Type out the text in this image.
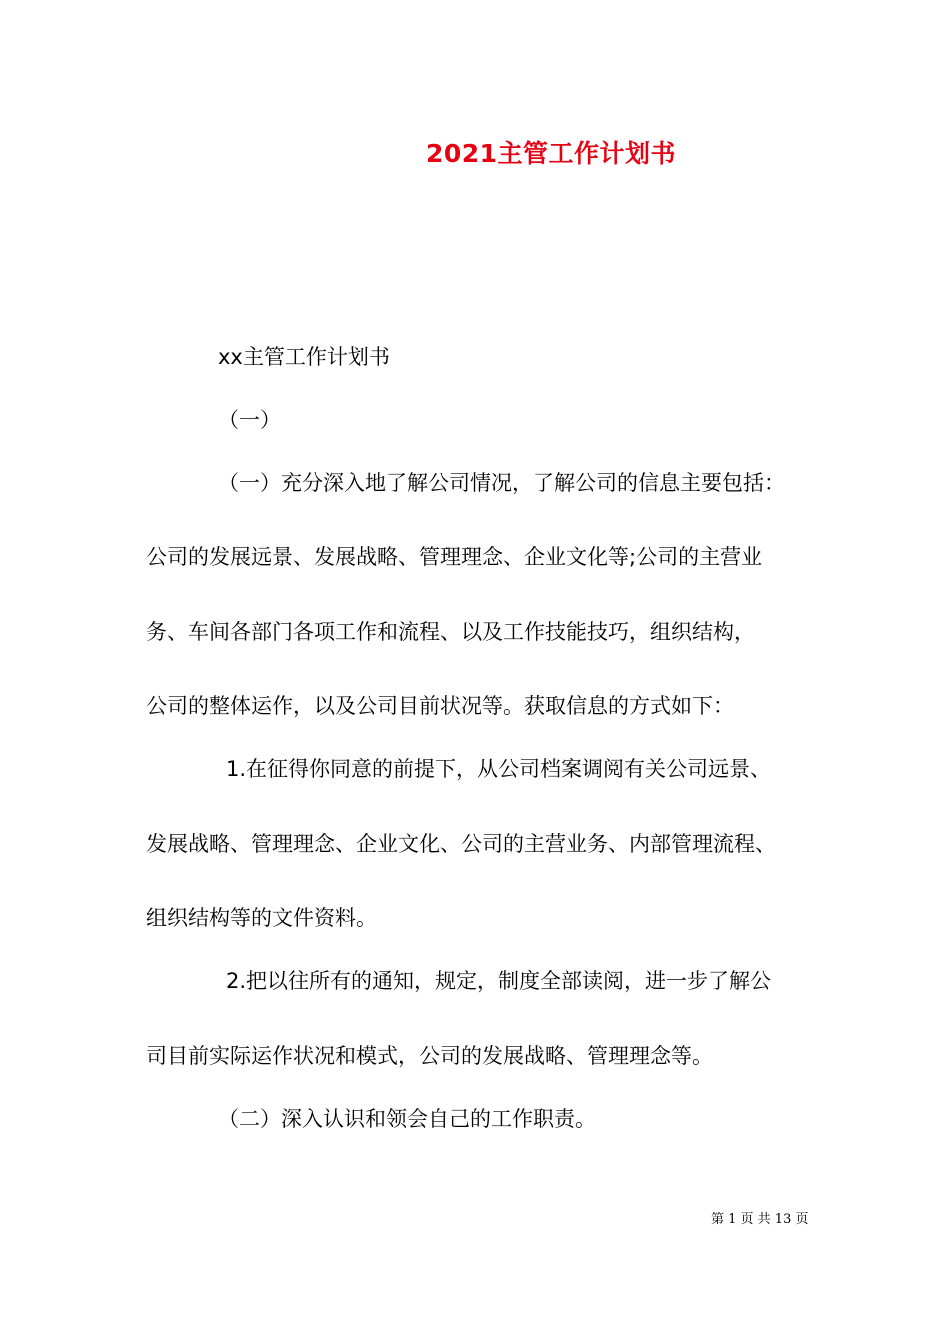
2021主管工作计划书
xx主管工作计划书
（一）
（一）充分深入地了解公司情况，了解公司的信息主要包括：
公司的发展远景、发展战略、管理理念、企业文化等;公司的主营业
务、车间各部门各项工作和流程、以及工作技能技巧，组织结构，
公司的整体运作，以及公司目前状况等。获取信息的方式如下：
1.在征得你同意的前提下，从公司档案调阅有关公司远景、
发展战略、管理理念、企业文化、公司的主营业务、内部管理流程、
组织结构等的文件资料。
2.把以往所有的通知，规定，制度全部读阅，进一步了解公
司目前实际运作状况和模式，公司的发展战略、管理理念等。
（二）深入认识和领会自己的工作职责。
第 1 页 共 13 页
